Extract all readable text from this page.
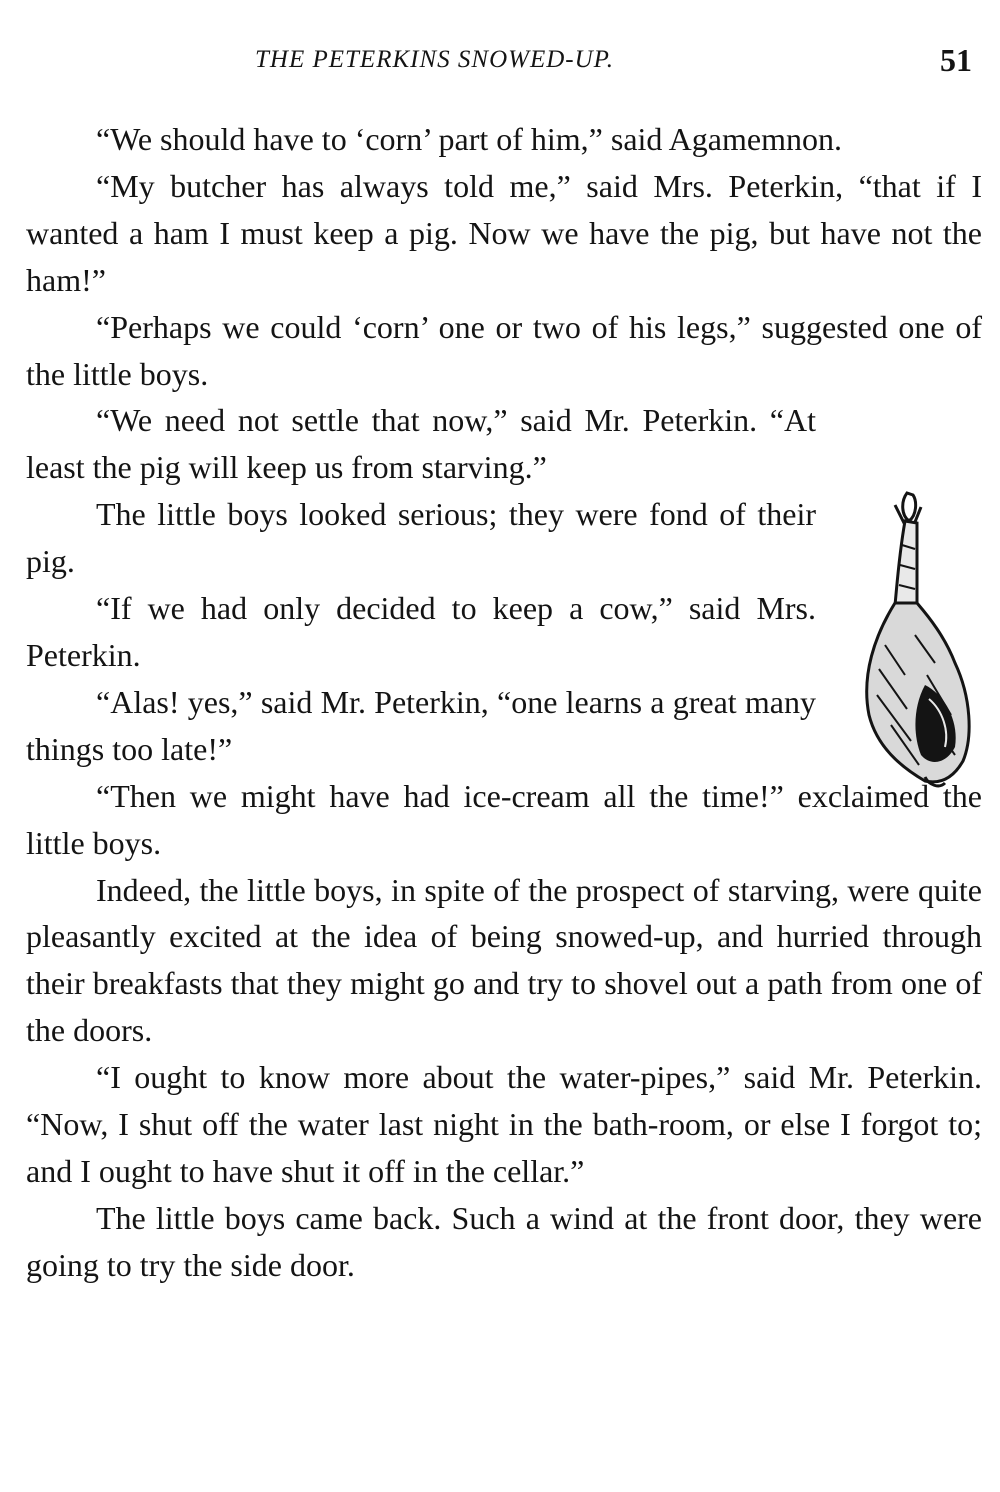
THE PETERKINS SNOWED-UP.	51

“We should have to ‘corn’ part of him,” said Agamemnon.

“My butcher has always told me,” said Mrs. Peterkin, “that if I wanted a ham I must keep a pig. Now we have the pig, but have not the ham!”

“Perhaps we could ‘corn’ one or two of his legs,” suggested one of the little boys.

“We need not settle that now,” said Mr. Peterkin. “At least the pig will keep us from starving.”

The little boys looked serious; they were fond of their pig.

“If we had only decided to keep a cow,” said Mrs. Peterkin.

“Alas! yes,” said Mr. Peterkin, “one learns a great many things too late!”

“Then we might have had ice-cream all the time!” exclaimed the little boys.

Indeed, the little boys, in spite of the prospect of starving, were quite pleasantly excited at the idea of being snowed-up, and hurried through their breakfasts that they might go and try to shovel out a path from one of the doors.

“I ought to know more about the water-pipes,” said Mr. Peterkin. “Now, I shut off the water last night in the bath-room, or else I forgot to; and I ought to have shut it off in the cellar.”

The little boys came back. Such a wind at the front door, they were going to try the side door.
